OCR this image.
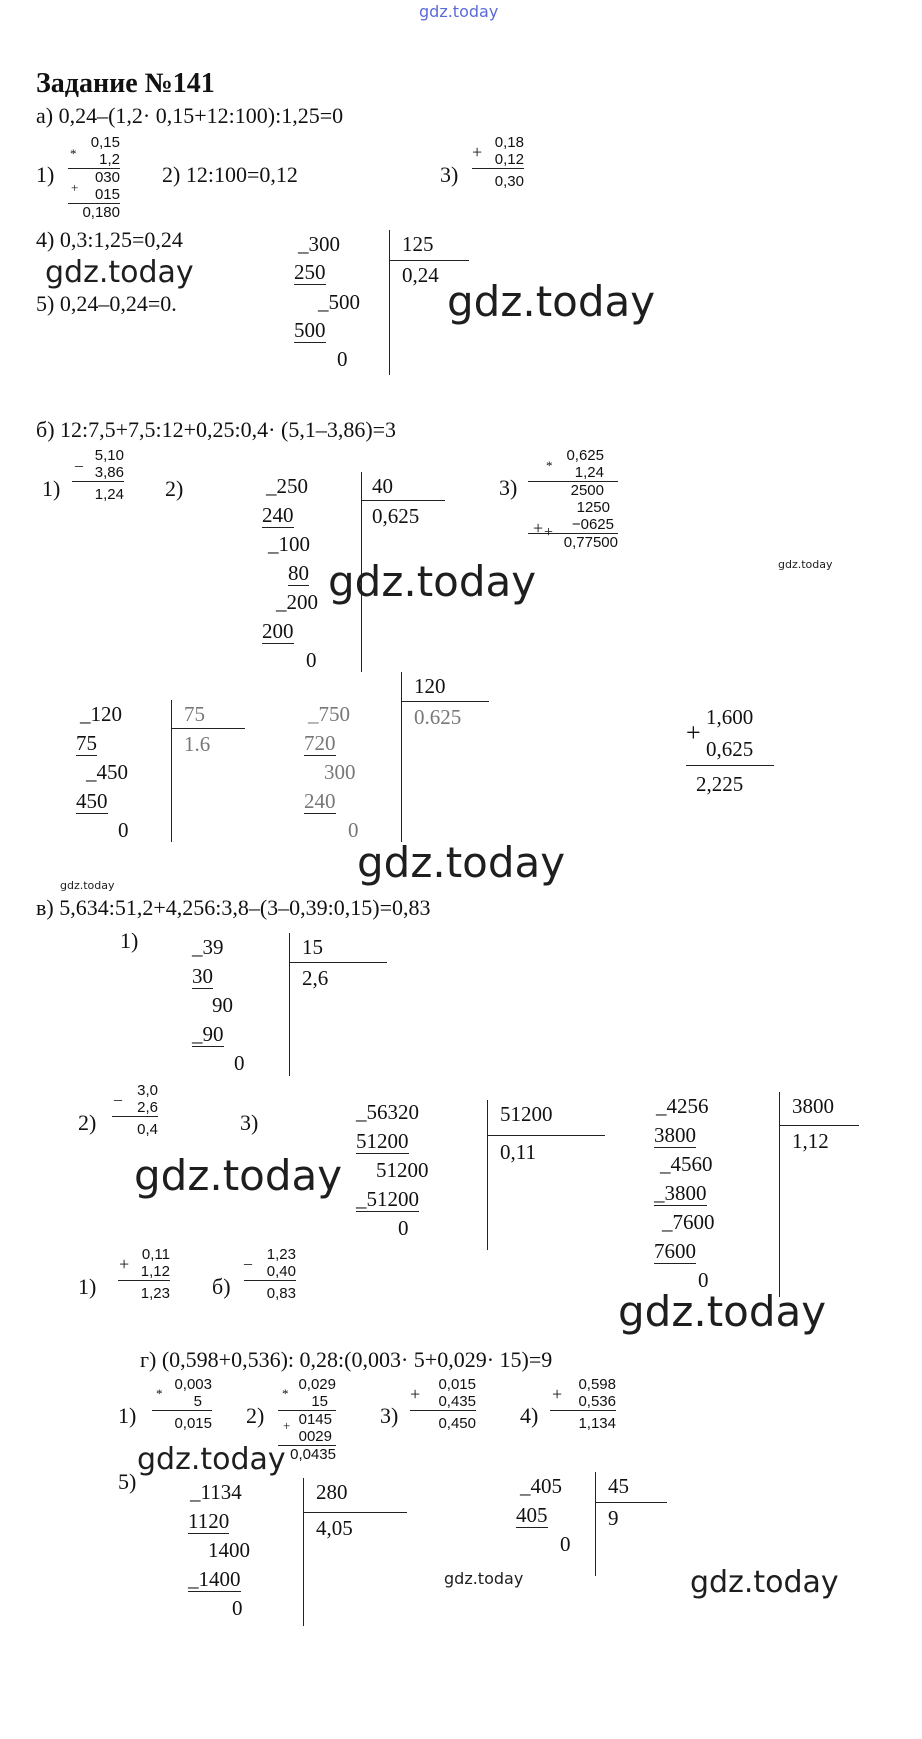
gdz.today
Задание №141
а) 0,24–(1,2· 0,15+12:100):1,25=0
1)
0,15
1,2
030
015
0,180
*
+
2) 12:100=0,12	3)
0,18
0,12
0,30
+
4) 0,3:1,25=0,24
5) 0,24–0,24=0.
_300
250
_500
500
0
125
0,24
gdz.today
gdz.today
б) 12:7,5+7,5:12+0,25:0,4· (5,1–3,86)=3
1)
5,10
3,86
1,24
_
2)	_250
240
_100
80
_200
200
0
40
0,625
3)
0,625
1,24
2500
1250
−0625
0,77500
*
+ +
gdz.today
gdz.today
_120
75
_450
450
0
75
1.6
_750
720
300
240
0
120
0.625	1,600
+
0,625
2,225
gdz.today
gdz.today
в) 5,634:51,2+4,256:3,8–(3–0,39:0,15)=0,83
1)	_39
30
90
_90
0
15
2,6
2)
3,0
2,6
0,4
_
3)	_56320
51200
51200
_51200
0
51200
0,11
_4256
3800
_4560
_3800
_7600
7600
0
3800
1,12
gdz.today
1)
0,11
1,12
1,23
+
б)
1,23
0,40
0,83
_
gdz.today
г) (0,598+0,536): 0,28:(0,003· 5+0,029· 15)=9
1)
0,003
5
0,015
*
2)
0,029
15
0145
0029
0,0435
*
+	3)
0,015
0,435
0,450
+
4)
0,598
0,536
1,134
+
5)
gdz.today
_1134
1120
1400
_1400
0
280
4,05
_405
405
0
45
9
gdz.today	gdz.today
